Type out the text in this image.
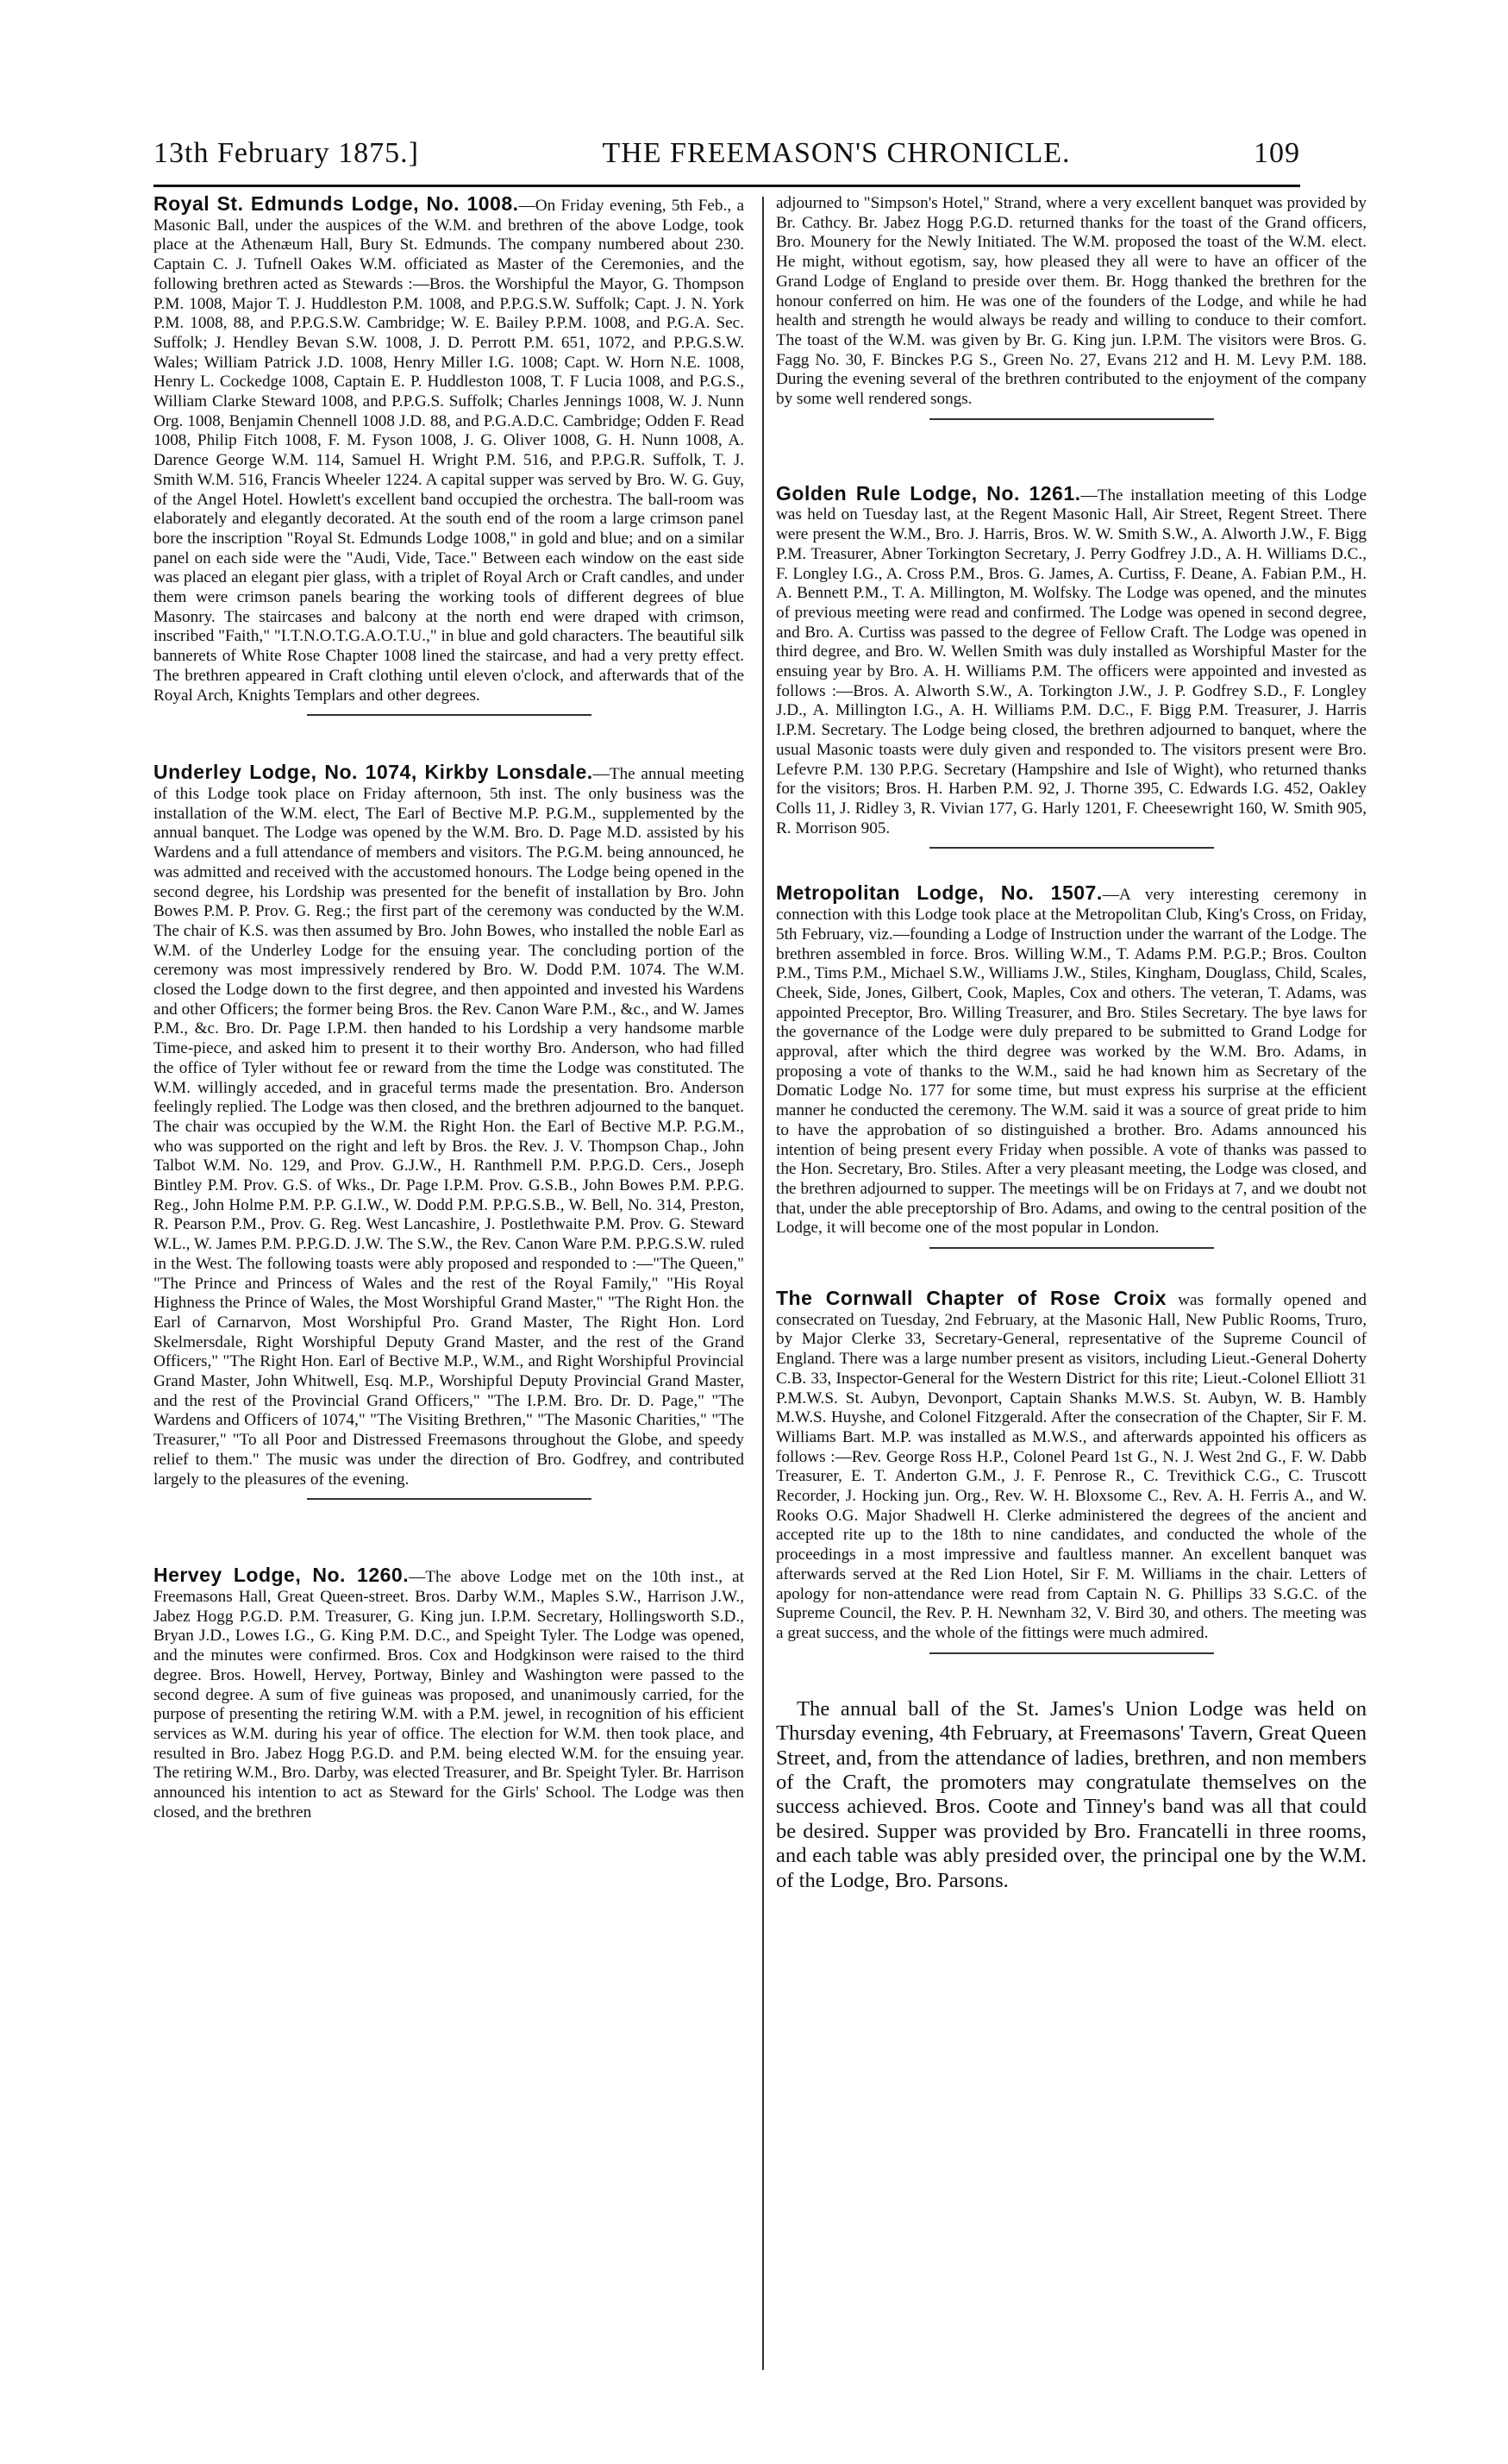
13th February 1875.]	THE FREEMASON'S CHRONICLE.	109

Royal St. Edmunds Lodge, No. 1008.—On Friday evening, 5th Feb., a Masonic Ball, under the auspices of the W.M. and brethren of the above Lodge, took place at the Athenæum Hall, Bury St. Edmunds. The company numbered about 230. Captain C. J. Tufnell Oakes W.M. officiated as Master of the Ceremonies, and the following brethren acted as Stewards :—Bros. the Worshipful the Mayor, G. Thompson P.M. 1008, Major T. J. Huddleston P.M. 1008, and P.P.G.S.W. Suffolk; Capt. J. N. York P.M. 1008, 88, and P.P.G.S.W. Cambridge; W. E. Bailey P.P.M. 1008, and P.G.A. Sec. Suffolk; J. Hendley Bevan S.W. 1008, J. D. Perrott P.M. 651, 1072, and P.P.G.S.W. Wales; William Patrick J.D. 1008, Henry Miller I.G. 1008; Capt. W. Horn N.E. 1008, Henry L. Cockedge 1008, Captain E. P. Huddleston 1008, T. F Lucia 1008, and P.G.S., William Clarke Steward 1008, and P.P.G.S. Suffolk; Charles Jennings 1008, W. J. Nunn Org. 1008, Benjamin Chennell 1008 J.D. 88, and P.G.A.D.C. Cambridge; Odden F. Read 1008, Philip Fitch 1008, F. M. Fyson 1008, J. G. Oliver 1008, G. H. Nunn 1008, A. Darence George W.M. 114, Samuel H. Wright P.M. 516, and P.P.G.R. Suffolk, T. J. Smith W.M. 516, Francis Wheeler 1224. A capital supper was served by Bro. W. G. Guy, of the Angel Hotel. Howlett's excellent band occupied the orchestra. The ball-room was elaborately and elegantly decorated. At the south end of the room a large crimson panel bore the inscription "Royal St. Edmunds Lodge 1008," in gold and blue; and on a similar panel on each side were the "Audi, Vide, Tace." Between each window on the east side was placed an elegant pier glass, with a triplet of Royal Arch or Craft candles, and under them were crimson panels bearing the working tools of different degrees of blue Masonry. The staircases and balcony at the north end were draped with crimson, inscribed "Faith," "I.T.N.O.T.G.A.O.T.U.," in blue and gold characters. The beautiful silk bannerets of White Rose Chapter 1008 lined the staircase, and had a very pretty effect. The brethren appeared in Craft clothing until eleven o'clock, and afterwards that of the Royal Arch, Knights Templars and other degrees.

Underley Lodge, No. 1074, Kirkby Lonsdale.—The annual meeting of this Lodge took place on Friday afternoon, 5th inst. The only business was the installation of the W.M. elect, The Earl of Bective M.P. P.G.M., supplemented by the annual banquet. The Lodge was opened by the W.M. Bro. D. Page M.D. assisted by his Wardens and a full attendance of members and visitors. The P.G.M. being announced, he was admitted and received with the accustomed honours. The Lodge being opened in the second degree, his Lordship was presented for the benefit of installation by Bro. John Bowes P.M. P. Prov. G. Reg.; the first part of the ceremony was conducted by the W.M. The chair of K.S. was then assumed by Bro. John Bowes, who installed the noble Earl as W.M. of the Underley Lodge for the ensuing year. The concluding portion of the ceremony was most impressively rendered by Bro. W. Dodd P.M. 1074. The W.M. closed the Lodge down to the first degree, and then appointed and invested his Wardens and other Officers; the former being Bros. the Rev. Canon Ware P.M., &c., and W. James P.M., &c. Bro. Dr. Page I.P.M. then handed to his Lordship a very handsome marble Time-piece, and asked him to present it to their worthy Bro. Anderson, who had filled the office of Tyler without fee or reward from the time the Lodge was constituted. The W.M. willingly acceded, and in graceful terms made the presentation. Bro. Anderson feelingly replied. The Lodge was then closed, and the brethren adjourned to the banquet. The chair was occupied by the W.M. the Right Hon. the Earl of Bective M.P. P.G.M., who was supported on the right and left by Bros. the Rev. J. V. Thompson Chap., John Talbot W.M. No. 129, and Prov. G.J.W., H. Ranthmell P.M. P.P.G.D. Cers., Joseph Bintley P.M. Prov. G.S. of Wks., Dr. Page I.P.M. Prov. G.S.B., John Bowes P.M. P.P.G. Reg., John Holme P.M. P.P. G.I.W., W. Dodd P.M. P.P.G.S.B., W. Bell, No. 314, Preston, R. Pearson P.M., Prov. G. Reg. West Lancashire, J. Postlethwaite P.M. Prov. G. Steward W.L., W. James P.M. P.P.G.D. J.W. The S.W., the Rev. Canon Ware P.M. P.P.G.S.W. ruled in the West. The following toasts were ably proposed and responded to :—"The Queen," "The Prince and Princess of Wales and the rest of the Royal Family," "His Royal Highness the Prince of Wales, the Most Worshipful Grand Master," "The Right Hon. the Earl of Carnarvon, Most Worshipful Pro. Grand Master, The Right Hon. Lord Skelmersdale, Right Worshipful Deputy Grand Master, and the rest of the Grand Officers," "The Right Hon. Earl of Bective M.P., W.M., and Right Worshipful Provincial Grand Master, John Whitwell, Esq. M.P., Worshipful Deputy Provincial Grand Master, and the rest of the Provincial Grand Officers," "The I.P.M. Bro. Dr. D. Page," "The Wardens and Officers of 1074," "The Visiting Brethren," "The Masonic Charities," "The Treasurer," "To all Poor and Distressed Freemasons throughout the Globe, and speedy relief to them." The music was under the direction of Bro. Godfrey, and contributed largely to the pleasures of the evening.

Hervey Lodge, No. 1260.—The above Lodge met on the 10th inst., at Freemasons Hall, Great Queen-street. Bros. Darby W.M., Maples S.W., Harrison J.W., Jabez Hogg P.G.D. P.M. Treasurer, G. King jun. I.P.M. Secretary, Hollingsworth S.D., Bryan J.D., Lowes I.G., G. King P.M. D.C., and Speight Tyler. The Lodge was opened, and the minutes were confirmed. Bros. Cox and Hodgkinson were raised to the third degree. Bros. Howell, Hervey, Portway, Binley and Washington were passed to the second degree. A sum of five guineas was proposed, and unanimously carried, for the purpose of presenting the retiring W.M. with a P.M. jewel, in recognition of his efficient services as W.M. during his year of office. The election for W.M. then took place, and resulted in Bro. Jabez Hogg P.G.D. and P.M. being elected W.M. for the ensuing year. The retiring W.M., Bro. Darby, was elected Treasurer, and Br. Speight Tyler. Br. Harrison announced his intention to act as Steward for the Girls' School. The Lodge was then closed, and the brethren

adjourned to "Simpson's Hotel," Strand, where a very excellent banquet was provided by Br. Cathcy. Br. Jabez Hogg P.G.D. returned thanks for the toast of the Grand officers, Bro. Mounery for the Newly Initiated. The W.M. proposed the toast of the W.M. elect. He might, without egotism, say, how pleased they all were to have an officer of the Grand Lodge of England to preside over them. Br. Hogg thanked the brethren for the honour conferred on him. He was one of the founders of the Lodge, and while he had health and strength he would always be ready and willing to conduce to their comfort. The toast of the W.M. was given by Br. G. King jun. I.P.M. The visitors were Bros. G. Fagg No. 30, F. Binckes P.G S., Green No. 27, Evans 212 and H. M. Levy P.M. 188. During the evening several of the brethren contributed to the enjoyment of the company by some well rendered songs.

Golden Rule Lodge, No. 1261.—The installation meeting of this Lodge was held on Tuesday last, at the Regent Masonic Hall, Air Street, Regent Street. There were present the W.M., Bro. J. Harris, Bros. W. W. Smith S.W., A. Alworth J.W., F. Bigg P.M. Treasurer, Abner Torkington Secretary, J. Perry Godfrey J.D., A. H. Williams D.C., F. Longley I.G., A. Cross P.M., Bros. G. James, A. Curtiss, F. Deane, A. Fabian P.M., H. A. Bennett P.M., T. A. Millington, M. Wolfsky. The Lodge was opened, and the minutes of previous meeting were read and confirmed. The Lodge was opened in second degree, and Bro. A. Curtiss was passed to the degree of Fellow Craft. The Lodge was opened in third degree, and Bro. W. Wellen Smith was duly installed as Worshipful Master for the ensuing year by Bro. A. H. Williams P.M. The officers were appointed and invested as follows :—Bros. A. Alworth S.W., A. Torkington J.W., J. P. Godfrey S.D., F. Longley J.D., A. Millington I.G., A. H. Williams P.M. D.C., F. Bigg P.M. Treasurer, J. Harris I.P.M. Secretary. The Lodge being closed, the brethren adjourned to banquet, where the usual Masonic toasts were duly given and responded to. The visitors present were Bro. Lefevre P.M. 130 P.P.G. Secretary (Hampshire and Isle of Wight), who returned thanks for the visitors; Bros. H. Harben P.M. 92, J. Thorne 395, C. Edwards I.G. 452, Oakley Colls 11, J. Ridley 3, R. Vivian 177, G. Harly 1201, F. Cheesewright 160, W. Smith 905, R. Morrison 905.

Metropolitan Lodge, No. 1507.—A very interesting ceremony in connection with this Lodge took place at the Metropolitan Club, King's Cross, on Friday, 5th February, viz.—founding a Lodge of Instruction under the warrant of the Lodge. The brethren assembled in force. Bros. Willing W.M., T. Adams P.M. P.G.P.; Bros. Coulton P.M., Tims P.M., Michael S.W., Williams J.W., Stiles, Kingham, Douglass, Child, Scales, Cheek, Side, Jones, Gilbert, Cook, Maples, Cox and others. The veteran, T. Adams, was appointed Preceptor, Bro. Willing Treasurer, and Bro. Stiles Secretary. The bye laws for the governance of the Lodge were duly prepared to be submitted to Grand Lodge for approval, after which the third degree was worked by the W.M. Bro. Adams, in proposing a vote of thanks to the W.M., said he had known him as Secretary of the Domatic Lodge No. 177 for some time, but must express his surprise at the efficient manner he conducted the ceremony. The W.M. said it was a source of great pride to him to have the approbation of so distinguished a brother. Bro. Adams announced his intention of being present every Friday when possible. A vote of thanks was passed to the Hon. Secretary, Bro. Stiles. After a very pleasant meeting, the Lodge was closed, and the brethren adjourned to supper. The meetings will be on Fridays at 7, and we doubt not that, under the able preceptorship of Bro. Adams, and owing to the central position of the Lodge, it will become one of the most popular in London.

The Cornwall Chapter of Rose Croix was formally opened and consecrated on Tuesday, 2nd February, at the Masonic Hall, New Public Rooms, Truro, by Major Clerke 33, Secretary-General, representative of the Supreme Council of England. There was a large number present as visitors, including Lieut.-General Doherty C.B. 33, Inspector-General for the Western District for this rite; Lieut.-Colonel Elliott 31 P.M.W.S. St. Aubyn, Devonport, Captain Shanks M.W.S. St. Aubyn, W. B. Hambly M.W.S. Huyshe, and Colonel Fitzgerald. After the consecration of the Chapter, Sir F. M. Williams Bart. M.P. was installed as M.W.S., and afterwards appointed his officers as follows :—Rev. George Ross H.P., Colonel Peard 1st G., N. J. West 2nd G., F. W. Dabb Treasurer, E. T. Anderton G.M., J. F. Penrose R., C. Trevithick C.G., C. Truscott Recorder, J. Hocking jun. Org., Rev. W. H. Bloxsome C., Rev. A. H. Ferris A., and W. Rooks O.G. Major Shadwell H. Clerke administered the degrees of the ancient and accepted rite up to the 18th to nine candidates, and conducted the whole of the proceedings in a most impressive and faultless manner. An excellent banquet was afterwards served at the Red Lion Hotel, Sir F. M. Williams in the chair. Letters of apology for non-attendance were read from Captain N. G. Phillips 33 S.G.C. of the Supreme Council, the Rev. P. H. Newnham 32, V. Bird 30, and others. The meeting was a great success, and the whole of the fittings were much admired.

The annual ball of the St. James's Union Lodge was held on Thursday evening, 4th February, at Freemasons' Tavern, Great Queen Street, and, from the attendance of ladies, brethren, and non members of the Craft, the promoters may congratulate themselves on the success achieved. Bros. Coote and Tinney's band was all that could be desired. Supper was provided by Bro. Francatelli in three rooms, and each table was ably presided over, the principal one by the W.M. of the Lodge, Bro. Parsons.
